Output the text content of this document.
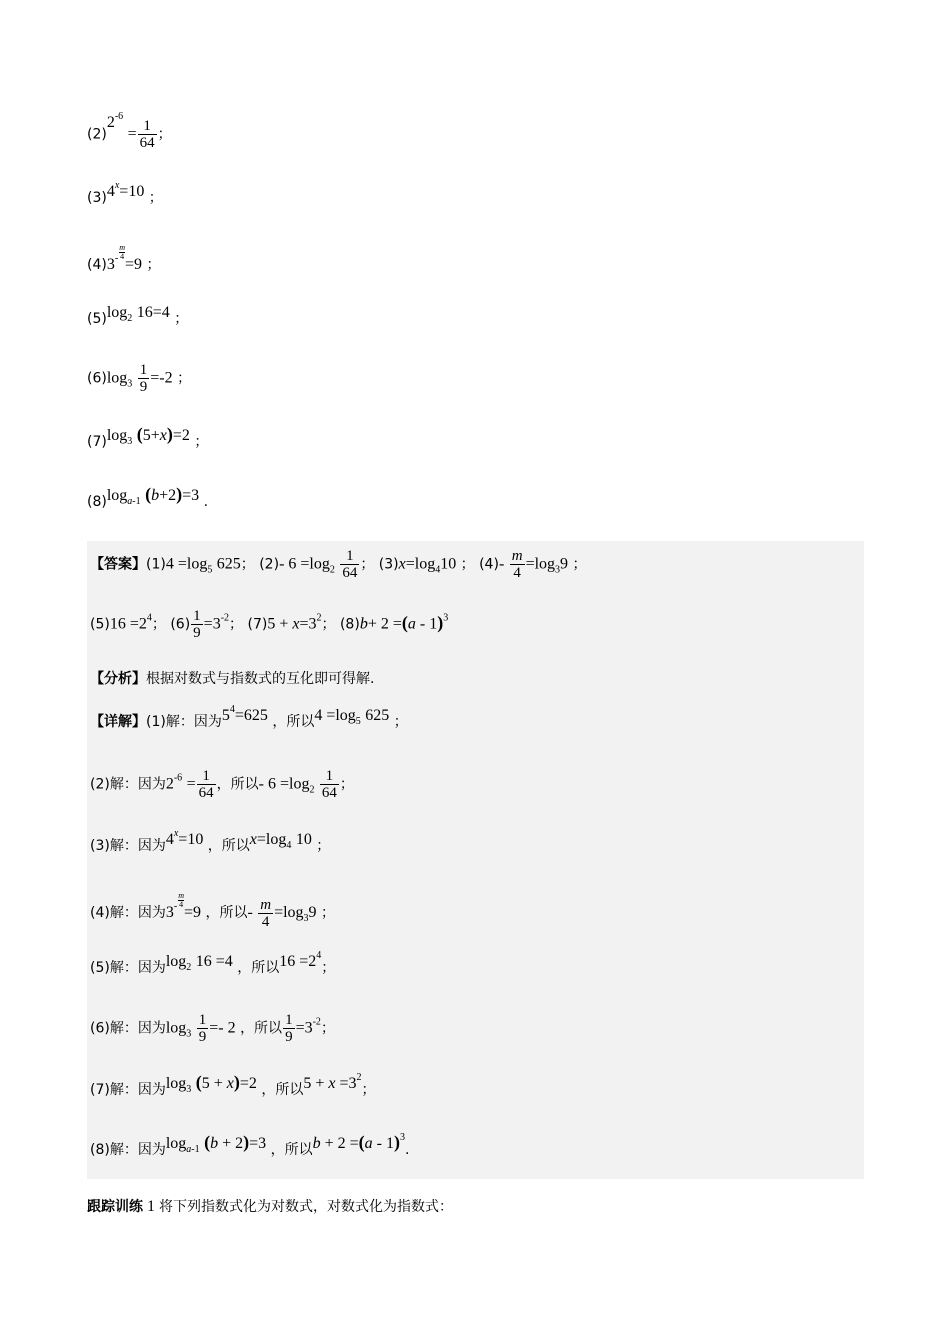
$(2)2^{-6} = \frac{1}{64}$ ；
$(3)4^x=10$ ；
$(4)3^- \frac{m}{4}$
=9 ；
$(5)\log_2$ 16=4 ；
$(6)\log_3 \frac{1}{9} =-2$ ；
$(7)\log_3$ (5+x)=2 ；
$(8)\log_{a-1}$ (b+2)=3 .
【答案】$(1)4 =\log_5$ 625； (2)- $6 =\log_2 \frac{1}{64}$ ； $(3)x=\log_410$ ； $(4)- \frac{m}{4} =\log_39$ ；
$(5)16 =2^4$； $(6) \frac{1}{9} =3^{-2}$； $(7)5 + x=3^2$； (8)b+ 2 =(a - 1)$^3$
【分析】根据对数式与指数式的互化即可得解.
【详解】(1)解：因为$5^4=625$ ，所以$4 =\log_5$ 625 ；
(2)解：因为$2^{-6} = \frac{1}{64}$ ，所以- $6 =\log_2 \frac{1}{64}$ ；
(3)解：因为$4^x=10$ ，所以$x=\log_4$ 10 ；
(4)解：因为$3^- \frac{m}{4}$
=9 ，所以- $\frac{m}{4} =\log_39$ ；
(5)解：因为$\log_2 16 =4$ ，所以$16 =2^4$；
(6)解：因为$\log_3 \frac{1}{9} =- 2$ ，所以 $\frac{1}{9} =3^{-2}$；
(7)解：因为$\log_3 (5 + x)=2$ ，所以$5 + x =3^2$；
(8)解：因为$\log_{a-1} (b + 2)=3$ ，所以b + 2 =(a - 1)$^3$.
跟踪训练 1 将下列指数式化为对数式，对数式化为指数式：
